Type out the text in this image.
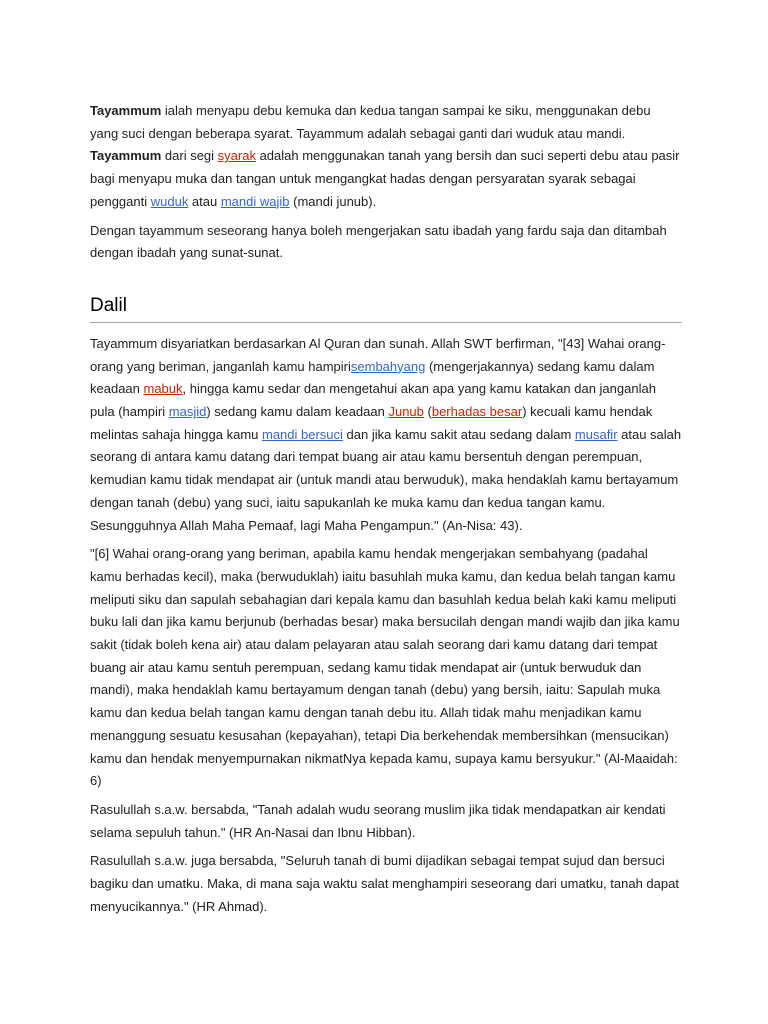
Tayammum ialah menyapu debu kemuka dan kedua tangan sampai ke siku, menggunakan debu yang suci dengan beberapa syarat. Tayammum adalah sebagai ganti dari wuduk atau mandi. Tayammum dari segi syarak adalah menggunakan tanah yang bersih dan suci seperti debu atau pasir bagi menyapu muka dan tangan untuk mengangkat hadas dengan persyaratan syarak sebagai pengganti wuduk atau mandi wajib (mandi junub).

Dengan tayammum seseorang hanya boleh mengerjakan satu ibadah yang fardu saja dan ditambah dengan ibadah yang sunat-sunat.

Dalil

Tayammum disyariatkan berdasarkan Al Quran dan sunah. Allah SWT berfirman, "[43] Wahai orang-orang yang beriman, janganlah kamu hampirisembahyang (mengerjakannya) sedang kamu dalam keadaan mabuk, hingga kamu sedar dan mengetahui akan apa yang kamu katakan dan janganlah pula (hampiri masjid) sedang kamu dalam keadaan Junub (berhadas besar) kecuali kamu hendak melintas sahaja hingga kamu mandi bersuci dan jika kamu sakit atau sedang dalam musafir atau salah seorang di antara kamu datang dari tempat buang air atau kamu bersentuh dengan perempuan, kemudian kamu tidak mendapat air (untuk mandi atau berwuduk), maka hendaklah kamu bertayamum dengan tanah (debu) yang suci, iaitu sapukanlah ke muka kamu dan kedua tangan kamu. Sesungguhnya Allah Maha Pemaaf, lagi Maha Pengampun." (An-Nisa: 43).

"[6] Wahai orang-orang yang beriman, apabila kamu hendak mengerjakan sembahyang (padahal kamu berhadas kecil), maka (berwuduklah) iaitu basuhlah muka kamu, dan kedua belah tangan kamu meliputi siku dan sapulah sebahagian dari kepala kamu dan basuhlah kedua belah kaki kamu meliputi buku lali dan jika kamu berjunub (berhadas besar) maka bersucilah dengan mandi wajib dan jika kamu sakit (tidak boleh kena air) atau dalam pelayaran atau salah seorang dari kamu datang dari tempat buang air atau kamu sentuh perempuan, sedang kamu tidak mendapat air (untuk berwuduk dan mandi), maka hendaklah kamu bertayamum dengan tanah (debu) yang bersih, iaitu: Sapulah muka kamu dan kedua belah tangan kamu dengan tanah debu itu. Allah tidak mahu menjadikan kamu menanggung sesuatu kesusahan (kepayahan), tetapi Dia berkehendak membersihkan (mensucikan) kamu dan hendak menyempurnakan nikmatNya kepada kamu, supaya kamu bersyukur." (Al-Maaidah: 6)

Rasulullah s.a.w. bersabda, "Tanah adalah wudu seorang muslim jika tidak mendapatkan air kendati selama sepuluh tahun." (HR An-Nasai dan Ibnu Hibban).

Rasulullah s.a.w. juga bersabda, "Seluruh tanah di bumi dijadikan sebagai tempat sujud dan bersuci bagiku dan umatku. Maka, di mana saja waktu salat menghampiri seseorang dari umatku, tanah dapat menyucikannya." (HR Ahmad).
